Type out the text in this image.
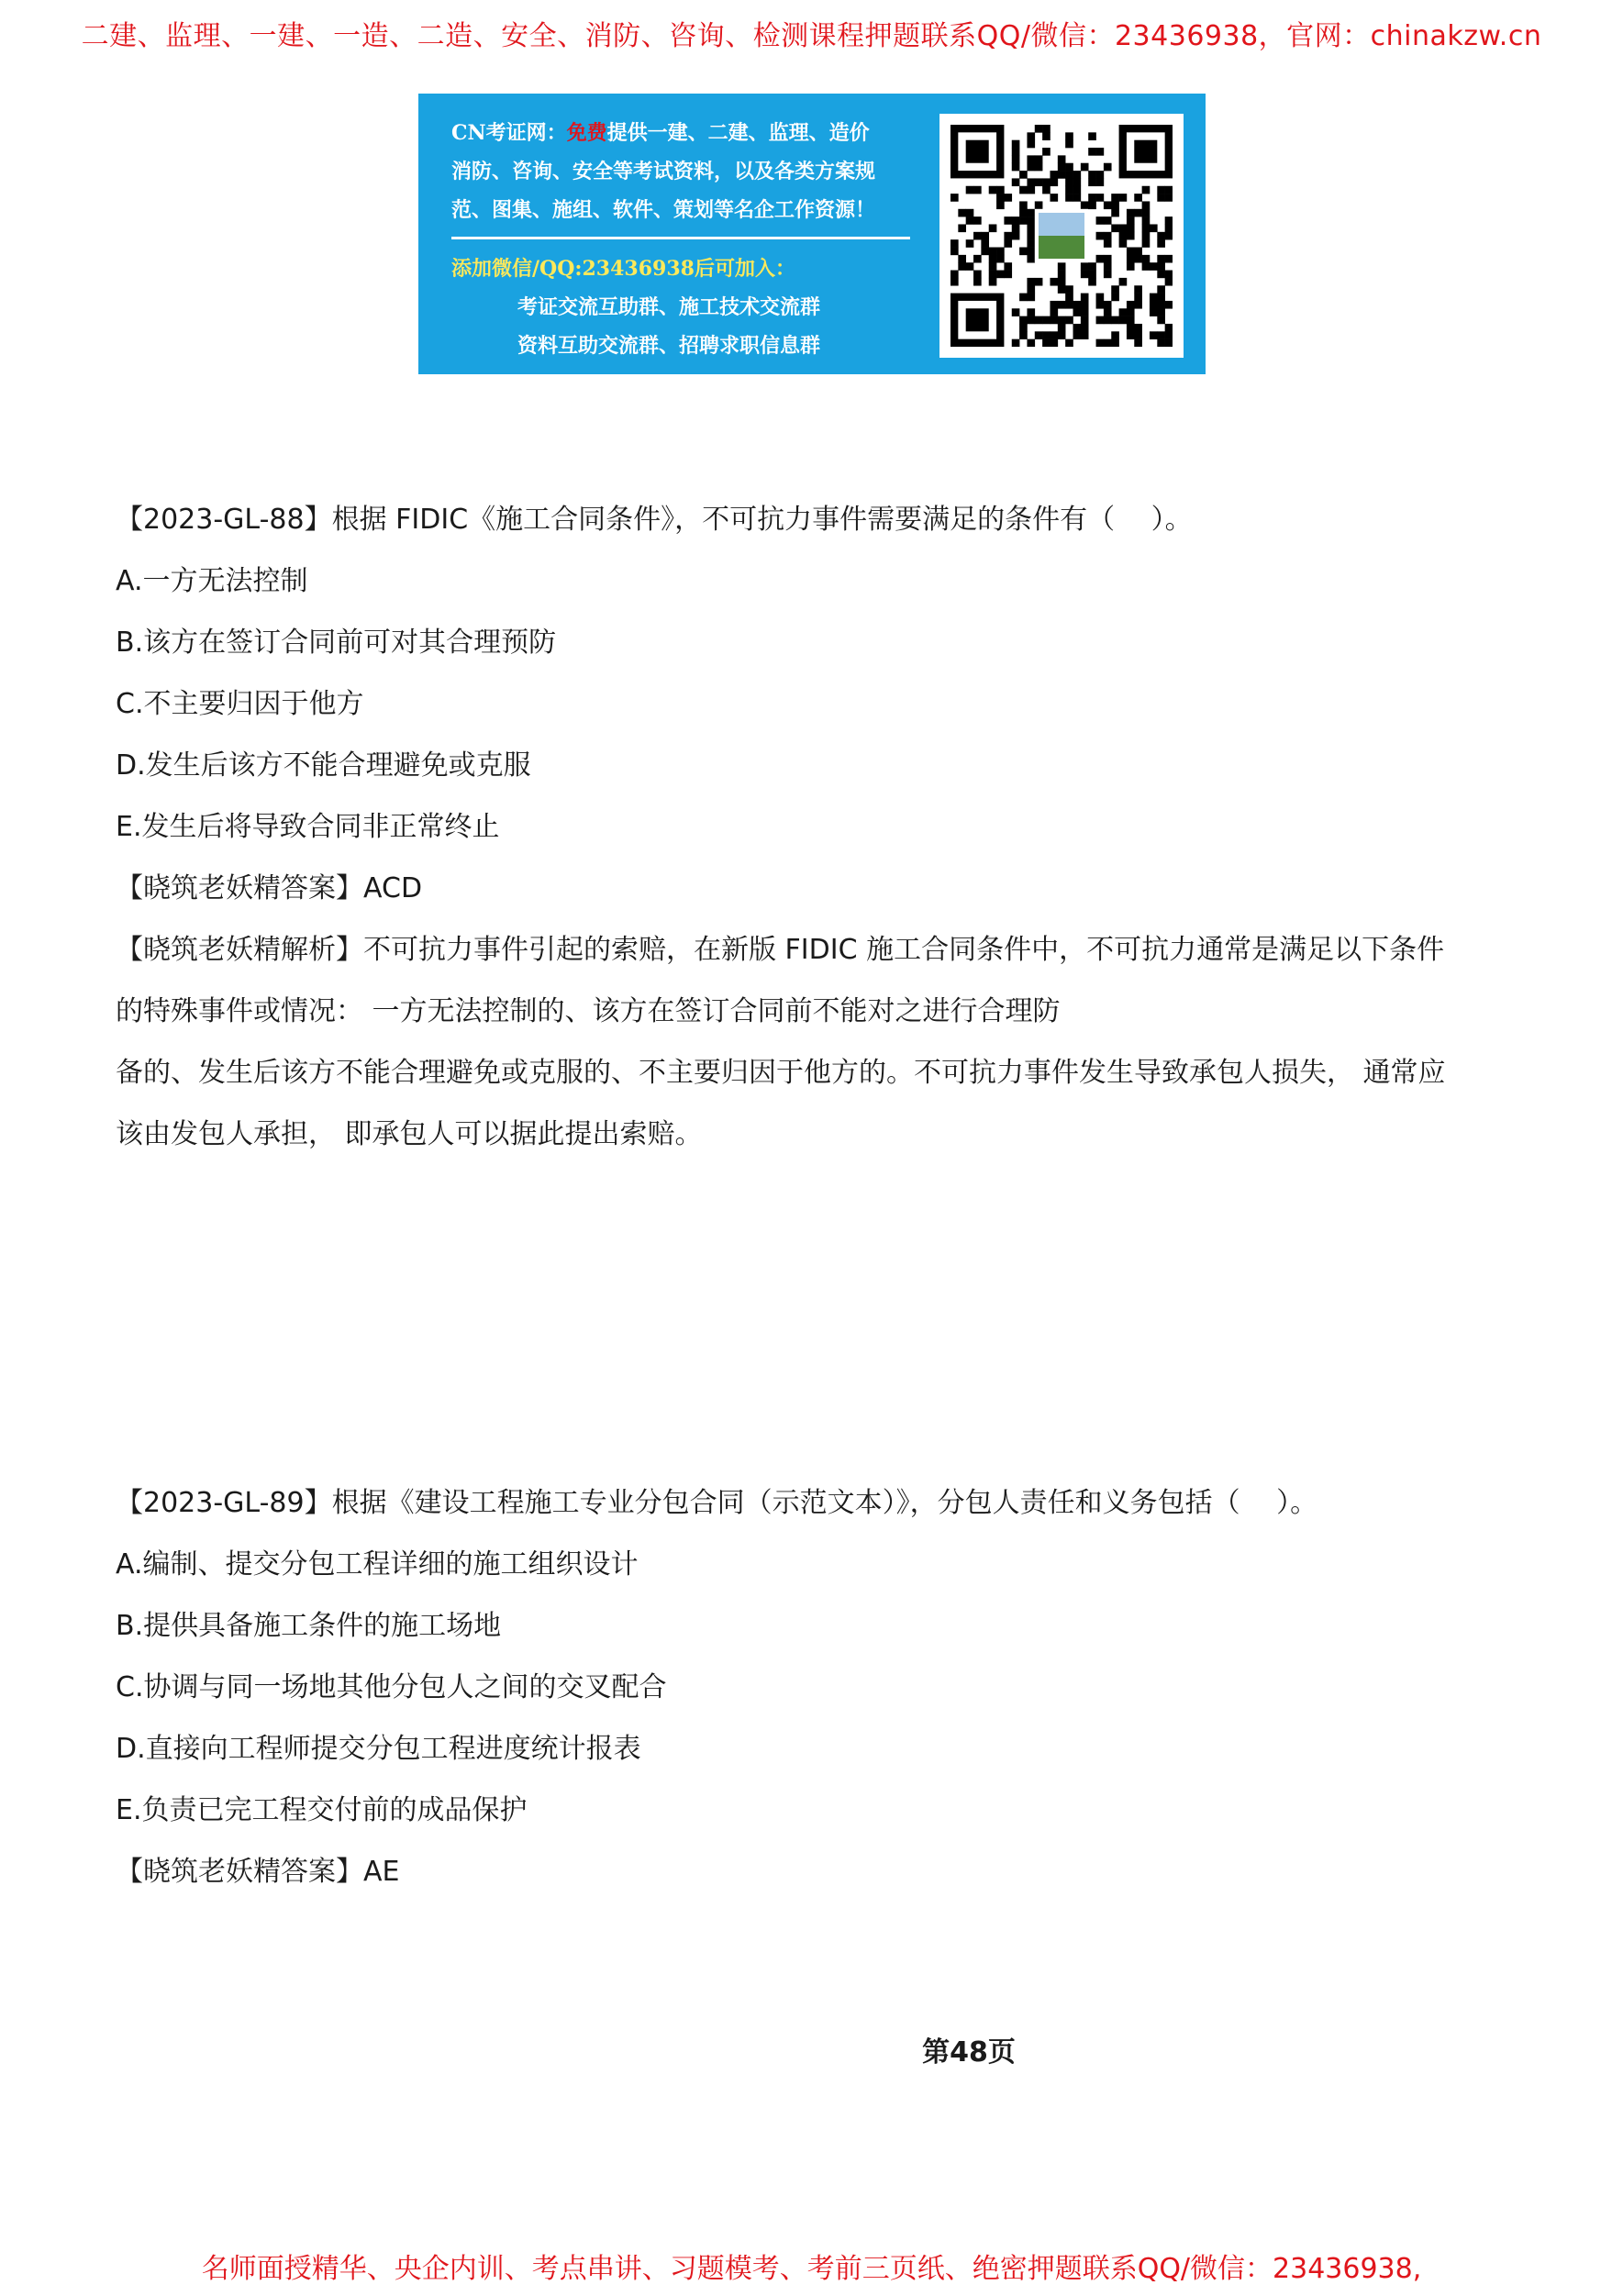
二建、监理、一建、一造、二造、安全、消防、咨询、检测课程押题联系QQ/微信：23436938，官网：chinakzw.cn
CN考证网：免费提供一建、二建、监理、造价
消防、咨询、安全等考试资料，以及各类方案规
范、图集、施组、软件、策划等名企工作资源！
添加微信/QQ:23436938后可加入：
考证交流互助群、施工技术交流群
资料互助交流群、招聘求职信息群
【2023-GL-88】根据 FIDIC《施工合同条件》，不可抗力事件需要满足的条件有（　 ）。
A.一方无法控制
B.该方在签订合同前可对其合理预防
C.不主要归因于他方
D.发生后该方不能合理避免或克服
E.发生后将导致合同非正常终止
【晓筑老妖精答案】ACD
【晓筑老妖精解析】不可抗力事件引起的索赔，在新版 FIDIC 施工合同条件中，不可抗力通常是满足以下条件
的特殊事件或情况： 一方无法控制的、该方在签订合同前不能对之进行合理防
备的、发生后该方不能合理避免或克服的、不主要归因于他方的。不可抗力事件发生导致承包人损失， 通常应
该由发包人承担， 即承包人可以据此提出索赔。
【2023-GL-89】根据《建设工程施工专业分包合同（示范文本）》，分包人责任和义务包括（　 ）。
A.编制、提交分包工程详细的施工组织设计
B.提供具备施工条件的施工场地
C.协调与同一场地其他分包人之间的交叉配合
D.直接向工程师提交分包工程进度统计报表
E.负责已完工程交付前的成品保护
【晓筑老妖精答案】AE
第48页
名师面授精华、央企内训、考点串讲、习题模考、考前三页纸、绝密押题联系QQ/微信：23436938,
